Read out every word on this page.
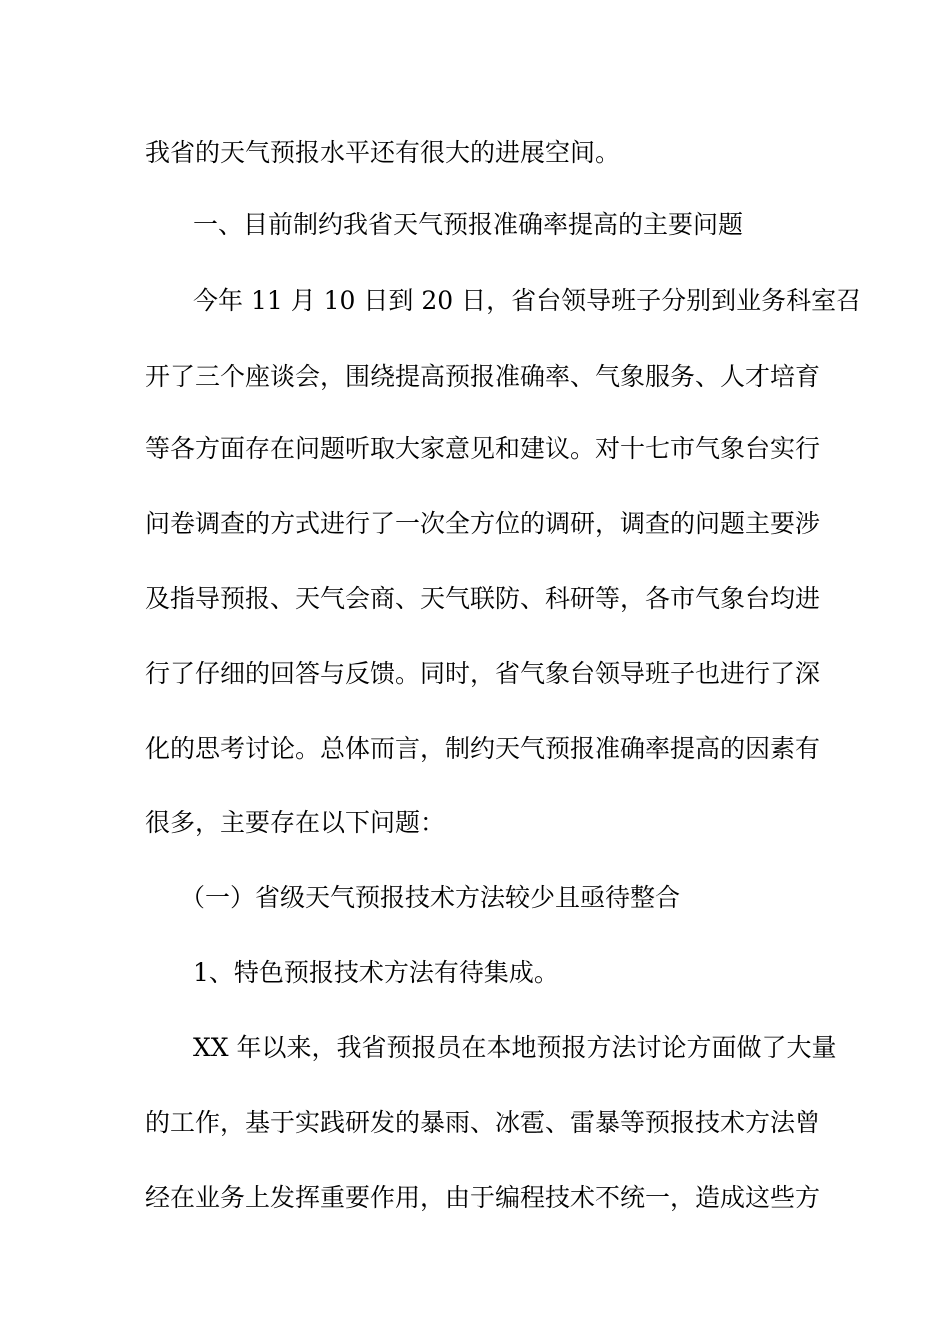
我省的天气预报水平还有很大的进展空间。
一、目前制约我省天气预报准确率提高的主要问题
今年 11 月 10 日到 20 日，省台领导班子分别到业务科室召
开了三个座谈会，围绕提高预报准确率、气象服务、人才培育
等各方面存在问题听取大家意见和建议。对十七市气象台实行
问卷调查的方式进行了一次全方位的调研，调查的问题主要涉
及指导预报、天气会商、天气联防、科研等，各市气象台均进
行了仔细的回答与反馈。同时，省气象台领导班子也进行了深
化的思考讨论。总体而言，制约天气预报准确率提高的因素有
很多，主要存在以下问题：
（一）省级天气预报技术方法较少且亟待整合
1、特色预报技术方法有待集成。
XX 年以来，我省预报员在本地预报方法讨论方面做了大量
的工作，基于实践研发的暴雨、冰雹、雷暴等预报技术方法曾
经在业务上发挥重要作用，由于编程技术不统一，造成这些方
